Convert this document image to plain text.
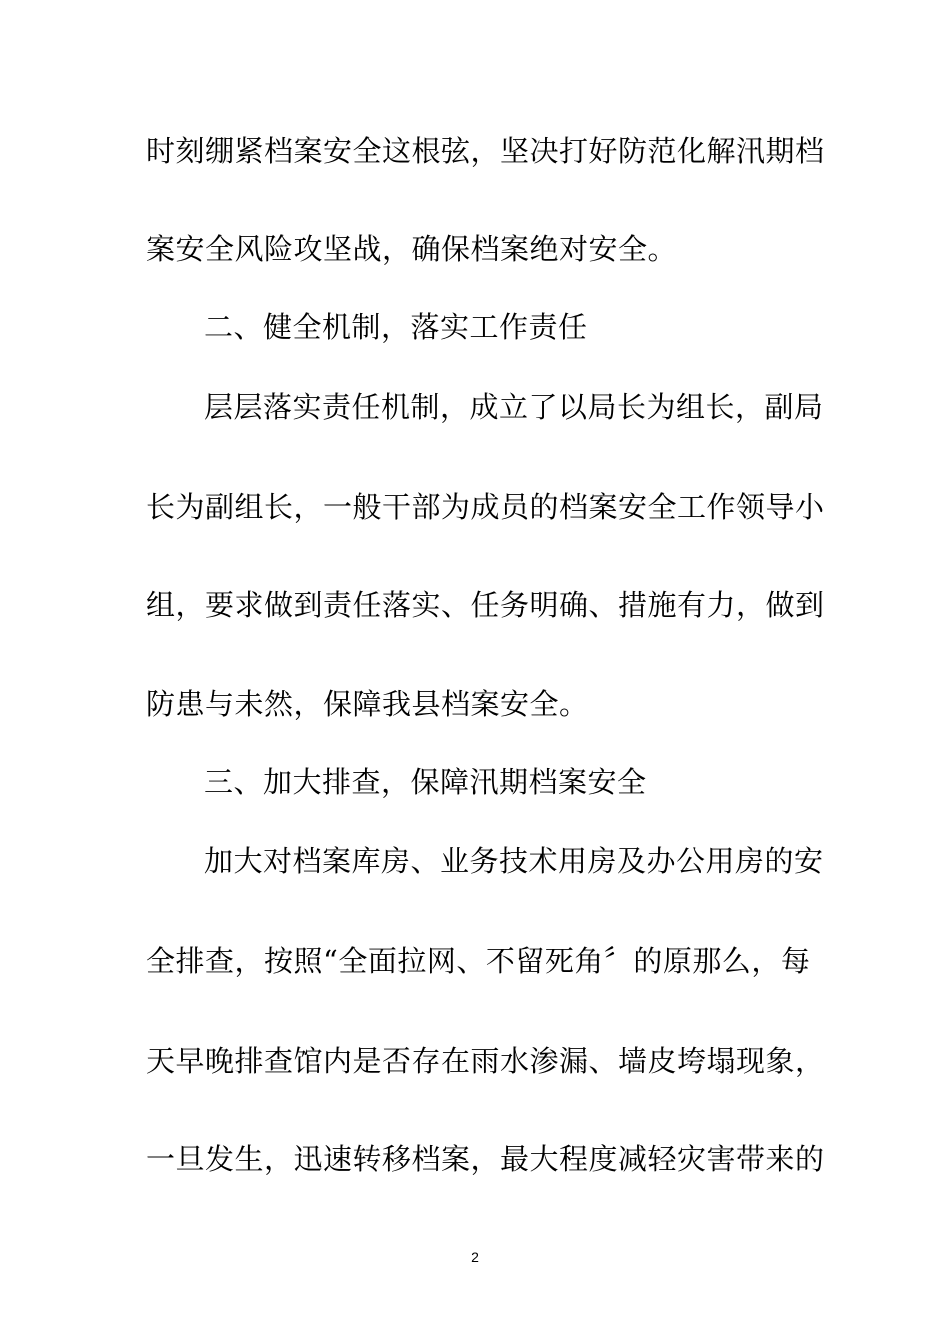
时刻绷紧档案安全这根弦，坚决打好防范化解汛期档
案安全风险攻坚战，确保档案绝对安全。
二、健全机制，落实工作责任
层层落实责任机制，成立了以局长为组长，副局
长为副组长，一般干部为成员的档案安全工作领导小
组，要求做到责任落实、任务明确、措施有力，做到
防患与未然，保障我县档案安全。
三、加大排查，保障汛期档案安全
加大对档案库房、业务技术用房及办公用房的安
全排查，按照“全面拉网、不留死角〞的原那么，每
天早晚排查馆内是否存在雨水渗漏、墙皮垮塌现象，
一旦发生，迅速转移档案，最大程度减轻灾害带来的
2
